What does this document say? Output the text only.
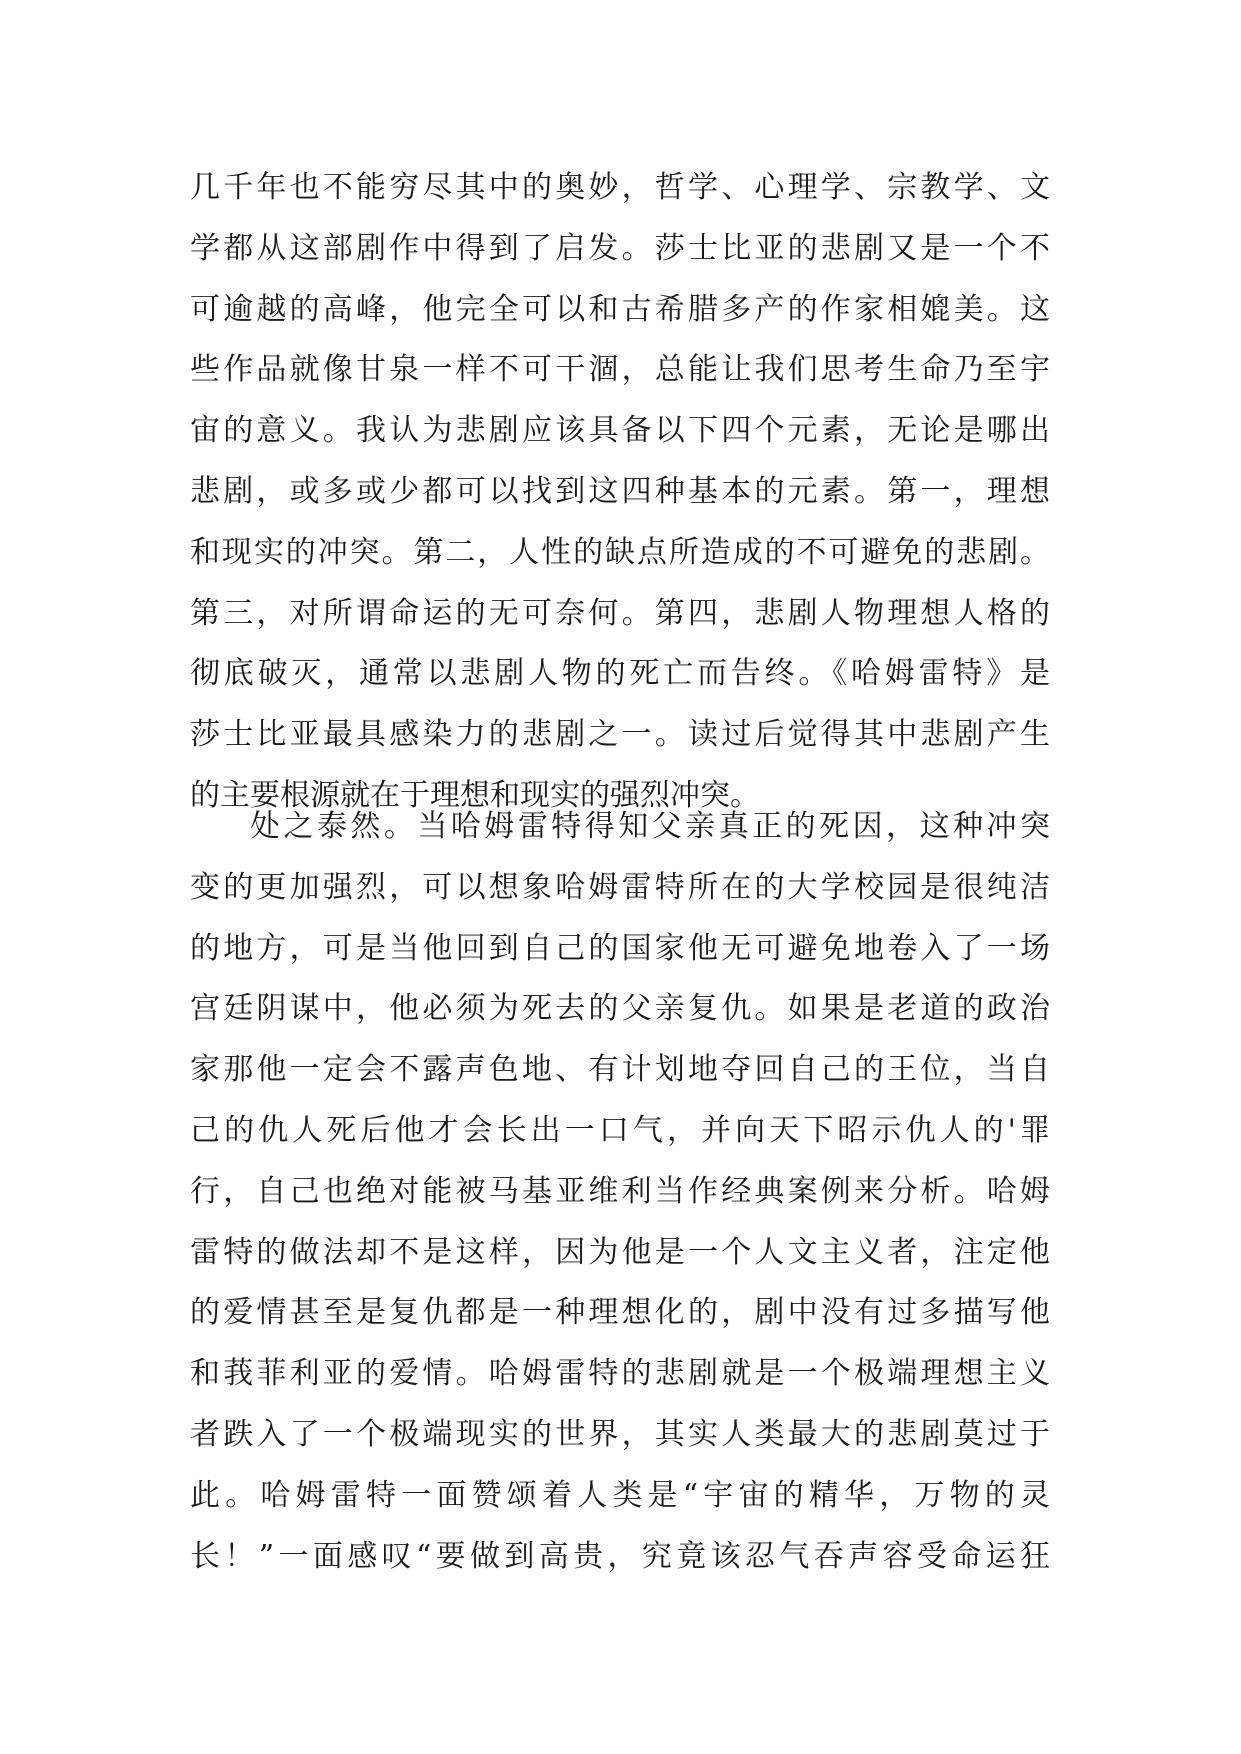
几千年也不能穷尽其中的奥妙，哲学、心理学、宗教学、文
学都从这部剧作中得到了启发。莎士比亚的悲剧又是一个不
可逾越的高峰，他完全可以和古希腊多产的作家相媲美。这
些作品就像甘泉一样不可干涸，总能让我们思考生命乃至宇
宙的意义。我认为悲剧应该具备以下四个元素，无论是哪出
悲剧，或多或少都可以找到这四种基本的元素。第一，理想
和现实的冲突。第二，人性的缺点所造成的不可避免的悲剧。
第三，对所谓命运的无可奈何。第四，悲剧人物理想人格的
彻底破灭，通常以悲剧人物的死亡而告终。《哈姆雷特》是
莎士比亚最具感染力的悲剧之一。读过后觉得其中悲剧产生
的主要根源就在于理想和现实的强烈冲突。
处之泰然。当哈姆雷特得知父亲真正的死因，这种冲突
变的更加强烈，可以想象哈姆雷特所在的大学校园是很纯洁
的地方，可是当他回到自己的国家他无可避免地卷入了一场
宫廷阴谋中，他必须为死去的父亲复仇。如果是老道的政治
家那他一定会不露声色地、有计划地夺回自己的王位，当自
己的仇人死后他才会长出一口气，并向天下昭示仇人的'罪
行，自己也绝对能被马基亚维利当作经典案例来分析。哈姆
雷特的做法却不是这样，因为他是一个人文主义者，注定他
的爱情甚至是复仇都是一种理想化的，剧中没有过多描写他
和莪菲利亚的爱情。哈姆雷特的悲剧就是一个极端理想主义
者跌入了一个极端现实的世界，其实人类最大的悲剧莫过于
此。哈姆雷特一面赞颂着人类是“宇宙的精华，万物的灵
长！”一面感叹“要做到高贵，究竟该忍气吞声容受命运狂
